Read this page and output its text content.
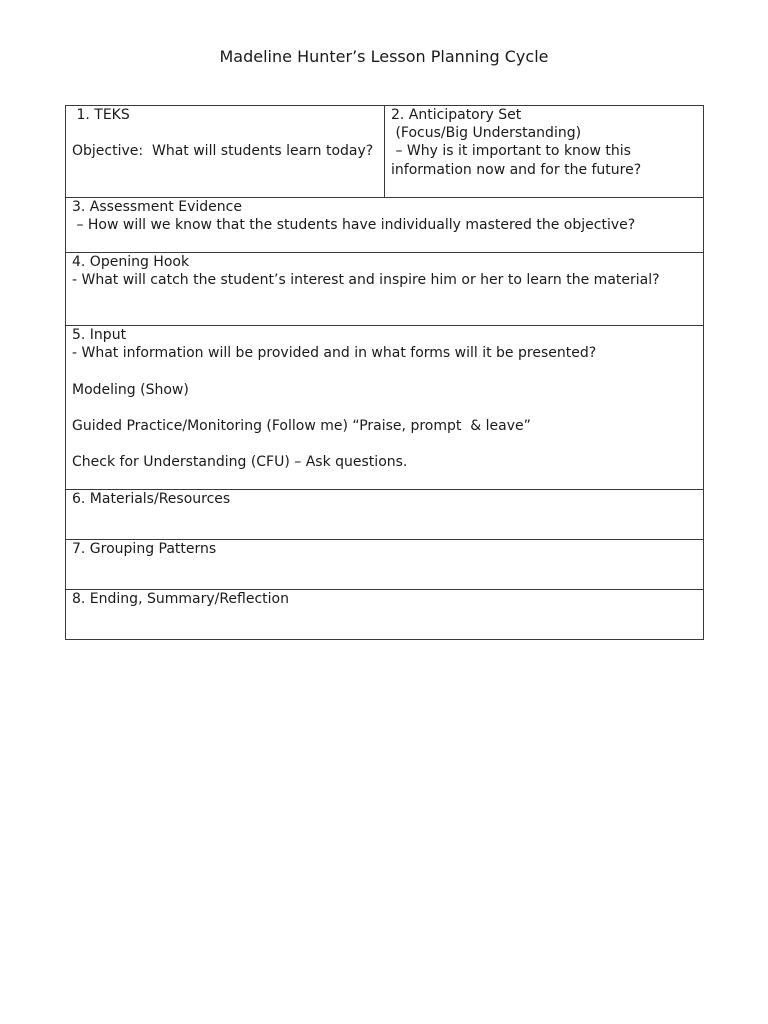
Madeline Hunter’s Lesson Planning Cycle
1. TEKS
Objective:  What will students learn today?

2. Anticipatory Set
(Focus/Big Understanding)
– Why is it important to know this information now and for the future?

3. Assessment Evidence
– How will we know that the students have individually mastered the objective?

4. Opening Hook
- What will catch the student’s interest and inspire him or her to learn the material?

5. Input
- What information will be provided and in what forms will it be presented?
Modeling (Show)
Guided Practice/Monitoring (Follow me) “Praise, prompt  & leave”
Check for Understanding (CFU) – Ask questions.

6. Materials/Resources

7. Grouping Patterns

8. Ending, Summary/Reflection
